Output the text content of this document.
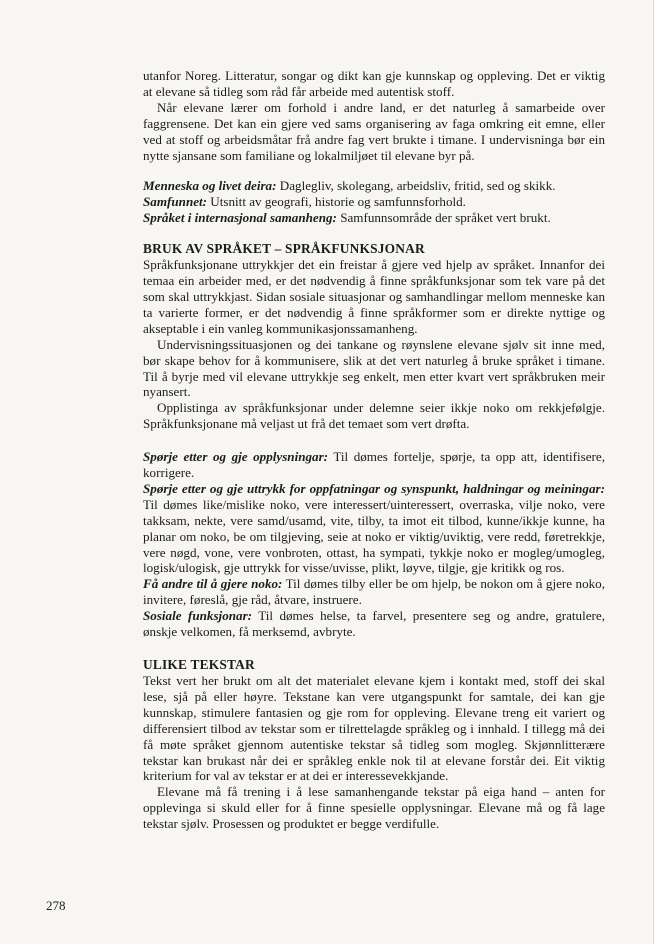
utanfor Noreg. Litteratur, songar og dikt kan gje kunnskap og oppleving. Det er viktig at elevane så tidleg som råd får arbeide med autentisk stoff.

Når elevane lærer om forhold i andre land, er det naturleg å samarbeide over faggrensene. Det kan ein gjere ved sams organisering av faga omkring eit emne, eller ved at stoff og arbeidsmåtar frå andre fag vert brukte i timane. I undervisninga bør ein nytte sjansane som familiane og lokalmiljøet til elevane byr på.

Menneska og livet deira: Daglegliv, skolegang, arbeidsliv, fritid, sed og skikk.

Samfunnet: Utsnitt av geografi, historie og samfunnsforhold.

Språket i internasjonal samanheng: Samfunnsområde der språket vert brukt.

BRUK AV SPRÅKET – SPRÅKFUNKSJONAR

Språkfunksjonane uttrykkjer det ein freistar å gjere ved hjelp av språket. Innanfor dei temaa ein arbeider med, er det nødvendig å finne språkfunksjonar som tek vare på det som skal uttrykkjast. Sidan sosiale situasjonar og samhandlingar mellom menneske kan ta varierte former, er det nødvendig å finne språkformer som er direkte nyttige og akseptable i ein vanleg kommunikasjonssamanheng.

Undervisningssituasjonen og dei tankane og røynslene elevane sjølv sit inne med, bør skape behov for å kommunisere, slik at det vert naturleg å bruke språket i timane. Til å byrje med vil elevane uttrykkje seg enkelt, men etter kvart vert språkbruken meir nyansert.

Opplistinga av språkfunksjonar under delemne seier ikkje noko om rekkjefølgje. Språkfunksjonane må veljast ut frå det temaet som vert drøfta.

Spørje etter og gje opplysningar: Til dømes fortelje, spørje, ta opp att, identifisere, korrigere.

Spørje etter og gje uttrykk for oppfatningar og synspunkt, haldningar og meiningar: Til dømes like/mislike noko, vere interessert/uinteressert, overraska, vilje noko, vere takksam, nekte, vere samd/usamd, vite, tilby, ta imot eit tilbod, kunne/ikkje kunne, ha planar om noko, be om tilgjeving, seie at noko er viktig/uviktig, vere redd, føretrekkje, vere nøgd, vone, vere vonbroten, ottast, ha sympati, tykkje noko er mogleg/umogleg, logisk/ulogisk, gje uttrykk for visse/uvisse, plikt, løyve, tilgje, gje kritikk og ros.

Få andre til å gjere noko: Til dømes tilby eller be om hjelp, be nokon om å gjere noko, invitere, føreslå, gje råd, åtvare, instruere.

Sosiale funksjonar: Til dømes helse, ta farvel, presentere seg og andre, gratulere, ønskje velkomen, få merksemd, avbryte.

ULIKE TEKSTAR

Tekst vert her brukt om alt det materialet elevane kjem i kontakt med, stoff dei skal lese, sjå på eller høyre. Tekstane kan vere utgangspunkt for samtale, dei kan gje kunnskap, stimulere fantasien og gje rom for oppleving. Elevane treng eit variert og differensiert tilbod av tekstar som er tilrettelagde språkleg og i innhald. I tillegg må dei få møte språket gjennom autentiske tekstar så tidleg som mogleg. Skjønnlitterære tekstar kan brukast når dei er språkleg enkle nok til at elevane forstår dei. Eit viktig kriterium for val av tekstar er at dei er interessevekkjande.

Elevane må få trening i å lese samanhengande tekstar på eiga hand – anten for opplevinga si skuld eller for å finne spesielle opplysningar. Elevane må og få lage tekstar sjølv. Prosessen og produktet er begge verdifulle.

278
